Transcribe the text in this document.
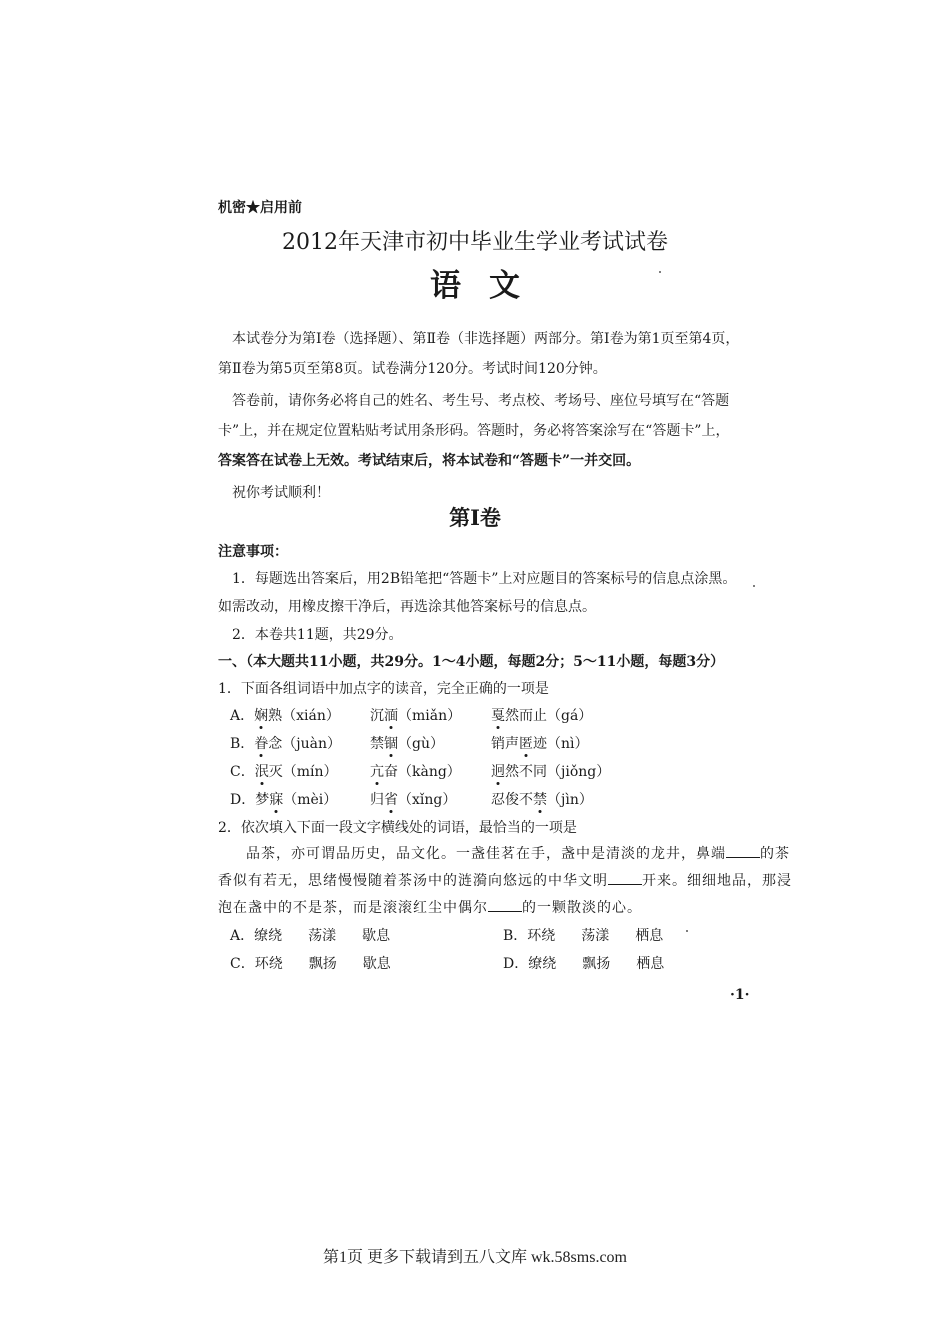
机密★启用前
2012年天津市初中毕业生学业考试试卷
语文
本试卷分为第Ⅰ卷（选择题）、第Ⅱ卷（非选择题）两部分。第Ⅰ卷为第1页至第4页，
第Ⅱ卷为第5页至第8页。试卷满分120分。考试时间120分钟。
答卷前，请你务必将自己的姓名、考生号、考点校、考场号、座位号填写在“答题
卡”上，并在规定位置粘贴考试用条形码。答题时，务必将答案涂写在“答题卡”上，
答案答在试卷上无效。考试结束后，将本试卷和“答题卡”一并交回。
祝你考试顺利！
第Ⅰ卷
注意事项：
1．每题选出答案后，用2B铅笔把“答题卡”上对应题目的答案标号的信息点涂黑。
如需改动，用橡皮擦干净后，再选涂其他答案标号的信息点。
2．本卷共11题，共29分。
一、（本大题共11小题，共29分。1～4小题，每题2分；5～11小题，每题3分）
1．下面各组词语中加点字的读音，完全正确的一项是
A．娴熟（xián） 沉湎（miǎn） 戛然而止（gá）
B．眷念（juàn） 禁锢（gù）	销声匿迹（nì）
C．泯灭（mín） 亢奋（kàng） 迥然不同（jiǒng）
D．梦寐（mèi） 归省（xǐng） 忍俊不禁（jìn）
2．依次填入下面一段文字横线处的词语，最恰当的一项是
品茶，亦可谓品历史，品文化。一盏佳茗在手，盏中是清淡的龙井，鼻端 的茶
香似有若无，思绪慢慢随着茶汤中的涟漪向悠远的中华文明 开来。细细地品，那浸
泡在盏中的不是茶，而是滚滚红尘中偶尔 的一颗散淡的心。
A．缭绕 荡漾 歇息	B．环绕 荡漾 栖息
C．环绕 飘扬 歇息	D．缭绕 飘扬 栖息
·1·
第1页 更多下载请到五八文库 wk.58sms.com
